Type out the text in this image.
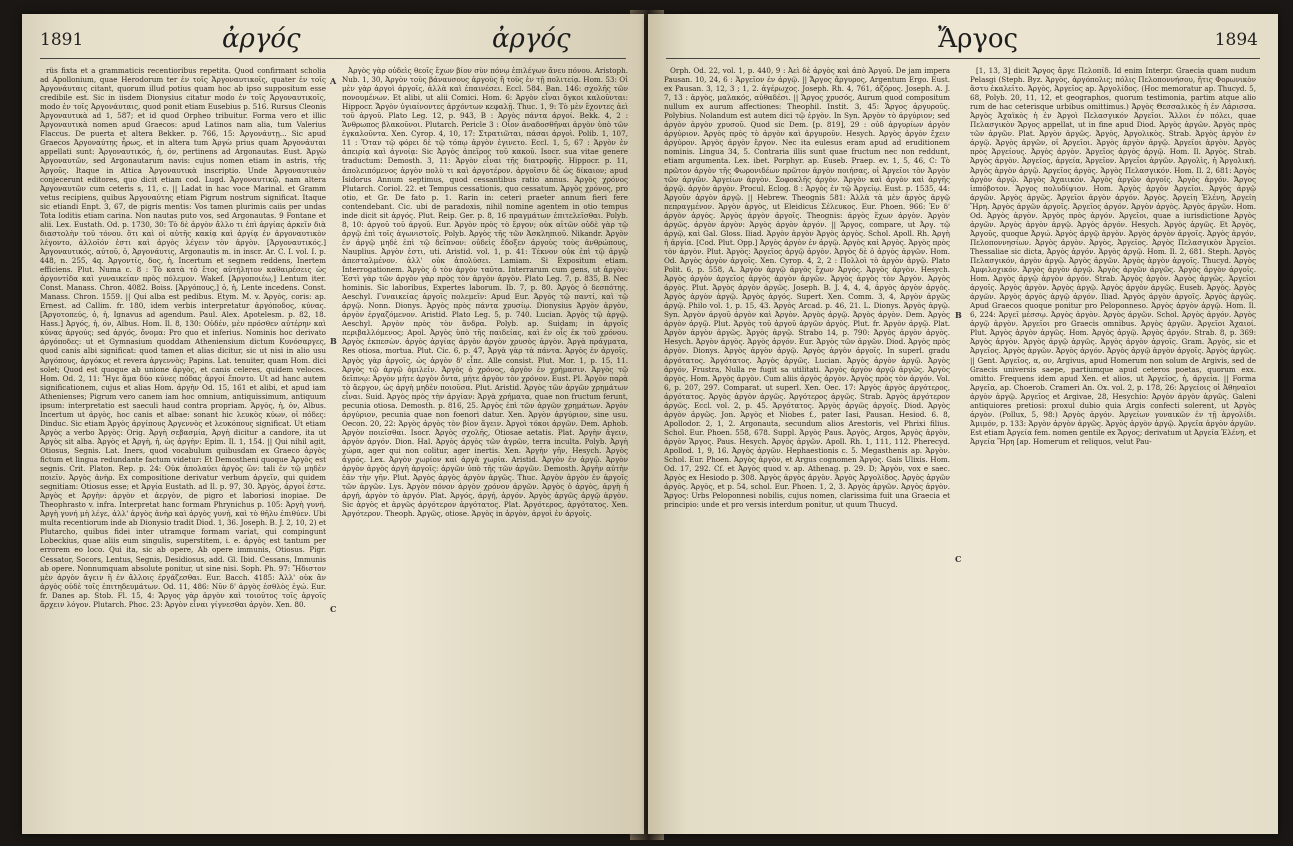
1891	ἀργός	ἀργός

rüs fixta et a grammaticis recentioribus repetita. Quod confirmant scholia ad Apollonium, quae Herodorum ter ἐν τοῖς Ἀργοναυτικοῖς, quater ἐν τοῖς Ἀργονάυταις citant, quorum illud potius quam hoc ab ipso suppositum esse credibile est. Sic in iisdem Dionysius citatur modo ἐν τοῖς Ἀργοναυτικοῖς, modo ἐν τοῖς Ἀργονάυταις, quod ponit etiam Eusebius p. 516. Rursus Cleonis Ἀργοναυτικὰ ad 1, 587; et id quod Orpheo tribuitur. Forma vero et illic Ἀργοναυτικὰ nomen apud Graecos: apud Latinos nam alia, tum Valerius Flaccus. De puerta et altera Bekker. p. 766, 15: Ἀργονάυτῃ... Sic apud Graecos Ἀργοναύτης ἦρως, et in altera tum Ἀργὼ prius quam Ἀργονάυται appellati sunt: Ἀργοναυτικός, ἡ, όν, pertinens ad Argonautas. Eust. Ἀργὼ Ἀργοναυτῶν, sed Argonautarum navis: cujus nomen etiam in astris, τῆς Ἀργοῦς. Itaque in Attica Ἀργοναυτικὰ inscriptio. Unde Ἀργοναυτικὸν conjecerunt editores, quo dicit etiam cod. Lugd. Ἀργοναυτικῷ, nam altera Ἀργοναυτῶν cum ceteris s, 11, c. || Ladat in hac voce Marinal. et Gramm vetus recipiens, quibus Ἀργοναύτης etiam Pigrum nostrum significat. Itaque sic etiandi Enpt. 3, 67, de pigris mentis: Vos tamen plurimis caiis per undas Tota loditis etiam carina. Non nautas puto vos, sed Argonautas. 9 Fontane et alii. Lex. Eustath. Od. p. 1730, 30: Τὸ δὲ ἀργὸν ἄλλο τι ἐπὶ ἀργίας ἀρκεῖν διὰ διαστολὴν τοῦ τόνου. ὅτι καὶ οἱ αὐτῆς κακίᾳ καὶ ἀργίᾳ ἐν ἀργοναυτικὸν λέγοντο, ἀλλοῖόν ἐστι καὶ ἀργὸς λέγειν τὸν ἀργὸν. [Ἀργοναυτικός.] Ἀργοναυτικός, αὐτοῦ, ὁ, Ἀργονάυτις, Argonautis m. in inscr. Αr. C. I. vol. I. p. 448, n. 255, 4q. Ἀργοντίς, δος, ἡ, Incertum et segnem reddens, Inertem efficiens. Plut. Numa c. 8 : Τὸ κατὰ τὸ ἔτος αὐτήλητον καθαιρέσεις ὡς ἀργοντίδα καὶ γυναικείαν πρὸς πόλεμον. Wakef. [Ἀργοποιέω,] Lentum iter. Const. Manass. Chron. 4082. Boiss. [Ἀργόπους,] ὁ, ἡ, Lente incedens. Const. Manass. Chron. 1559. || Qui alba est pedibus. Etym. M. v. Ἀργὸς, coris: ap. Ernest. ad Callim. fr. 180, idem verbis interpretatur ἀργόποδος, κύνας. [Ἀργοτοπεύς, ὁ, ἡ, Ignavus ad agendum. Paul. Alex. Apotelesm. p. 82, 18. Hass.] Ἀργός, ἡ, όν, Albus. Hom. Il. 8, 130: Οὐδέν, μὲν πρόσθεν αὐτέρην καὶ κύνας ἀργούς; sed ἀργός, ὄνομα: Pro quo et inferius. Nominis hoc derivato ἀργόποδες: ut et Gymnasium quoddam Atheniensium dictum Κυνόσαργες, quod canis albi significat: quod tamen et alias dicitur, sic ut nisi in alio usu Ἀργόπους, ἀργόκυς et revera ἀργεννὸς; Papins. Lat. tenuiter, quam Hom. dici solet; Quod est quoque ab unione ἀργὸς, et canis celeres, quidem veloces. Hom. Od. 2, 11: Ἥγε ἅμα δύο κύνες πόδας ἀργοί ἕποντο. Ut ad hanc autem significationem, cujus et alias Hom. ἀργὴν Od. 15, 161 et alibi, et apud iam Athenienses; Pigrum vero canem iam hoc omnium, antiquissimum, antiquum ipsum: interpretatio est saeculi haud contra propriam. Ἀργὸς, ἡ, ὀν, Albus. Incertum ut ἀργὸς, hoc canis et albae: sonant hic λευκὸς κύων, οἱ πόδες: Dinduc. Sic etiam Ἀργὸς ἀργίπους Ἀργεννὸς et λευκόπους significat. Ut etiam Ἀργὸς a verbo Ἀργὸς: Orig. Ἀργὴ σεβασμία, Ἀργὴ dicitur a candore, ita ut Ἀργὸς sit alba. Ἀργὸς et Ἀργὴ, ἡ, ὡς ἀργὴν: Epim. Il. 1, 154. || Qui nihil agit, Otiosus, Segnis. Lat. Iners, quod vocabulum quibusdam ex Graeco ἀργὸς fictum et lingua redundante factum videtur: Et Demostheni quoque Ἀργὸς est segnis. Crit. Platon. Rep. p. 24: Οὐκ ἀπολαύει ἀργὸς ὢν: tali ἐν τῷ μηδὲν ποιεῖν. Ἀργὸς ἀνὴρ. Ex compositione derivatur verbum ἀργεῖν, qui quidem segnitiam: Otiosus esse; et Ἀργία Eustath. ad Il. p. 97, 30. Ἀργὸς, ἀργοί ἐστε. Ἀργὸς et Ἀργὴν: ἀργὸν et ἀεργὸν, de pigro et laboriosi inopiae. De Theophrasto v. infra. Interpretat hanc formam Phrynichus p. 105: Ἀργὴ γυνή. Ἀργὴ γυνή μὴ λέγε, ἀλλ' ἀργὸς ἀνὴρ καὶ ἀργὸς γυνή, καὶ τὸ θῆλυ ἐπιθύεν. Ubi multa recentiorum inde ab Dionysio tradit Diod. 1, 36. Joseph. B. J. 2, 10, 2) et Plutarcho, quibus fidei inter utramque formam variat, qui compingunt Lobeckius, quae aliis eum singulis, superstitem, i. e. ἀργὸς est tantum per errorem eo loco. Qui ita, sic ab opere, Ab opere immunis, Otiosus. Pigr. Cessator, Socors, Lentus, Segnis, Desidiosus, add. Gl. Ibid. Cessans, Immunis ab opere. Nonnumquam absolute ponitur, ut sine nisi. Soph. Ph. 97: Ἥδιστον μὲν ἀργὸν ἄγειν ἢ ἐν ἄλλοις ἐργάζεσθαι. Eur. Bacch. 4185: Ἀλλ' οὐκ ἂν ἀργὸς οὐδὲ τοῖς ἐπιτηδευμάτων. Od. 11, 486: Νῦν δ' ἀργὸς ἐσθλὸς ἐγώ. Eur. fr. Danes ap. Stob. Fl. 15, 4: Ἄργος γὰρ ἀργὸν καὶ τοιοῦτος τοῖς ἀργοῖς ἄρχειν λόγον. Plutarch. Phoc. 23: Ἀργὸν εἶναι γίγνεσθαι ἀργὸν. Xen. 80.

A
B
C

Ἀργὸς γὰρ οὐδεὶς θεοῖς ἔχων βίον σὺν πόνῳ ἐπιλέγων ἄνευ πόνου. Aristoph. Nub. 1, 30, Ἀργὸν τοὺς βάναυσους ἀργοὺς ἢ τοὺς ἐν τῇ πολιτείᾳ. Hom. 53: Οἱ μὲν γὰρ ἀργοὶ ἀργοῖς, ἀλλὰ καὶ ἐπαινέσει. Eccl. 584. Ban. 146: σχολῆς τῶν πονουμένων. Et alibi, ut alii Comici. Hom. 6: Ἀργὸν εἶναι ὄγκοι καλοῦνται: Hippocr. Ἄργὸν ὑγιαίνοντες ἀρχόντων κεφαλῇ. Thuc. 1, 9: Τὸ μὲν ἔχοντες ἀεὶ τοῦ ἀργοῦ. Plato Leg. 12, p. 943, B : Ἀργὸς πάντα ἀργοί. Bekk. 4, 2 : Ἄνθρωπος βλακοῦνοι. Plutarch. Pericle 3 : Οἷον ἀναδοσθῆναι ἀργὸν ὑπὸ τῶν ἐγκαλοῦντα. Xen. Cyrop. 4, 10, 17: Στρατιῶται, πάσαι ἀργοὶ. Polib. 1, 107, 11 : Ὅταν τῷ φόρει δὲ τῷ τόπῳ ἀργὸν ἐγινετο. Eccl. 1, 5, 67 : Ἀργὸν ἐν ἀπειρίᾳ καὶ ἀγνοίᾳ: Sic Ἀργὸς ἀπεῖρος τοῦ κακοῦ. Isocr. sua vitae genere traductum: Demosth. 3, 11: Ἀργὸν εἶναι τῆς διατροφῆς. Hippocr. p. 11, ἀπολειπόμενος ἀργὸν πολὺ τι καὶ ἀργοτέρον. ἀργοῖσιν δὲ ὡς δίκαιον; apud Isidorus Annum septimus, quod cessantibus ratio annus. Ἀργὸς χρόνος Plutarch. Coriol. 22. et Tempus cessationis, quo cessatum. Ἀργὸς χρόνος, pro otio, et Gr. De fato p. 1. Rarin in: ceteri praeter annum fieri fere contendebant. Cic. ubi de paradoxis, nihil nomine agentem in otio tempus inde dicit sit ἀργός. Plut. Reip. Ger. p. 8, 16 πραγμάτων ἐπιτελεῖσθαι. Polyb. 8, 10: ἀργοῦ τοῦ ἀργοῦ. Eur. Ἀργὸν πρὸς τὸ ἔργον; οὐκ αἰτῶν οὐδὲ γὰρ τῷ ἀργῷ ἐπὶ τοῖς ἀγωνιστοῖς. Polyb. Ἀργὸς τῆς τῶν Ἀσκληπιοῦ. Nikandr. Ἀργὸν ἐν ἀργῷ μηδὲ ἐπὶ τῷ δεῖπνον: οὐδεὶς ἔδοξεν ἀργοὺς τοὺς ἀνθρώπους, Nauplius. Ἀργὸν ἐστι, uti. Aristid. vol. 1, p. 41: Τέκνον οὐκ ἐπὶ τῷ ἀργῷ ἀπεσταλμένον. ἀλλ' οὐκ ἀπολύσει. Lamiam. Si Expositum etiam. Interrogationem. Ἀργὸς ὁ τὸν ἀργὸν ταῦτα. Interrarum cum gens, ut ἀργὸν: Ἐστὶ γὰρ τῶν ἀργὸν γὰρ πρὸς τὸν ἀργὸν ἀργὸν. Plato Leg. 7, p. 835, B. Nec hominis. Sic laboribus, Expertes laborum. Ib. 7, p. 80. Ἀργὸς ὁ δεσπότης. Aeschyl. Γυναικείας ἀργοῖς πολεμεῖν: Apud Eur. Ἀργὸς τῷ παντί, καὶ τῷ ἀργῷ. Nonn. Dionys. Ἀργὸς πρὸς πάντα χρυσίῳ. Dionysius Ἀργὸν ἀργὸν, ἀργὸν ἐργαζόμενον. Aristid. Plato Leg. 5, p. 740. Lucian. Ἀργὸς τῷ ἀργῷ. Aeschyl. Ἀργὸν πρὸς τὸν ἄνδρα. Polyb. ap. Suidam; in ἀργοῖς περιβαλλόμενος; Apol. Ἀργὸς ὑπὸ τῆς παιδείας, καὶ ἐν οἷς ἐκ τοῦ χρόνου. Ἀργὸς ἐκπεσὼν. ἀργὸς ἀργίας ἀργὸν ἀργὸν χρυσὸς ἀργὸν. Ἀργὰ πράγματα, Res otiosa, mortua. Plut. Cic. 6, p. 47, Ἀργὰ γὰρ τὰ πάντα. Ἀργὸς ἐν ἀργοῖς. Ἀργὸς γὰρ ἀργοῖς, ὡς ἀργὸν δ' εἶπε. Alle consist. Plut. Mor. 1, p. 15, 11. Ἀργὸς τῷ ἀργῷ ὁμιλεῖν. Ἀργὸς ὁ χρόνος, ἀργὸν ἐν χρήμασιν. Ἀργὸς τῷ δεῖπνῳ: Ἀργὸν μήτε ἀργὸν ὄντα, μήτε ἀργὸν τὸν χρόνον. Eust. Pl. Ἀργὸν παρὰ τὸ ἄεργον, ὡς ἀργὴ μηδὲν ποιοῦσα. Plut. Aristid. Ἀργὸς τῶν ἀργῶν χρημάτων εἶναι. Suid. Ἀργὸς πρὸς τὴν ἀργίαν: Ἀργὰ χρήματα, quae non fructum ferunt, pecunia otiosa. Demosth. p. 816, 25. Ἀργὸς ἐπὶ τῶν ἀργῶν χρημάτων. Ἀργὸν ἀργύριον, pecunia quae non foenori datur. Xen. Ἀργὸν ἀργύριον, sine usu. Oecon. 20, 22: Ἀργὸς ἀργὸς τὸν βίον ἄγειν. Ἀργοὶ τόκοι ἀργῶν. Dem. Aphob. Ἀργὸν ποιεῖσθαι. Isocr. Ἀργὸς σχολῆς, Otiosae aetatis. Plat. Ἀργὴν ἄγειν, ἀργὸν ἀργόν. Dion. Hal. Ἀργὸς ἀργὸς τῶν ἀγρῶν, terra inculta. Polyb. Ἀργὴ χώρα, ager qui non colitur, ager inertis. Xen. Ἀργὴν γῆν, Hesych. Ἀργὸς ἀγρός. Lex. Ἀργὸν χωρίον καὶ ἀργὰ χωρία. Aristid. Ἀργὸν ἐν ἀργῷ. Ἀργὸν ἀργὸν ἀργὸς ἀργὴ ἀργοῖς: ἀργῶν ὑπὸ τῆς τῶν ἀργῶν. Demosth. Ἀργὴν αὐτὴν ἐᾶν τὴν γῆν. Plut. Ἀργὸς ἀργὸς ἀργὸν ἀργῶς. Thuc. Ἀργὸν ἀργὸν ἐν ἀργοῖς τῶν ἀργῶν. Lys. Ἀργὸν πόνον ἀργὸν χρόνον ἀργῶν. Ἀργὸς ὁ ἀργὸς, ἀργὴ ἡ ἀργή, ἀργὸν τὸ ἀργόν. Plat. Ἀργός, ἀργή, ἀργόν. Ἀργὸς ἀργῶς ἀργῷ ἀργὸν. Sic ἀργὸς et ἀργῶς ἀργότερον ἀργότατος. Plat. Ἀργότερος, ἀργότατος. Xen. Ἀργότερον. Theoph. Ἀργῶς, otiose. Ἀργὸς in ἀργὸν, ἀργοὶ ἐν ἀργοῖς.

Ἄργος	1894

Orph. Od. 22, vol. 1, p. 440, 9 : Ἀεὶ δὲ ἀργὸς καὶ ἀπὸ Ἀργοῦ. De jam impera Pausan. 10, 24, 6 : Ἀργεῖον ἐν ἀργῷ. || Ἄργος ἄργυρος, Argentum Ergo. Eust. ex Pausan. 3, 12, 3 ; 1, 2. ἀγέρωχος. Joseph. Rh. 4, 761, ἀζόρος. Joseph. A. J. 7, 13 : ἀργὸς, μαλακός, αὐθαδέσι. || Ἄργος χρυσός, Aurum quod compositum nullum ex aurum affectiones: Theophil. Instit. 3, 45: Ἄργος ἀργυροῦς. Polybius. Nolandum est autem dici τῷ ἐργὸν. In Syn. Ἀργὸν τὸ ἀργύριον; sed ἀργὸν ἀργὸν χρυσοῦ. Quod sic Dem. [p. 819], 29 : οὐδ ἀργυρίων ἀργὸν ἀργύριον. Ἀργὸς πρὸς τὸ ἀργὸν καὶ ἀργυροῦν. Hesych. Ἀργὸς ἀργὸν ἔχειν ἀργύρον. Ἀργὸς ἀργὸν ἔργον. Nec ita eulesus eram apud ad eruditionem nominis. Lingua 34, 5. Contraria illis sunt quae fructum nec non reddunt, etiam argumenta. Lex. ibet. Porphyr. ap. Euseb. Praep. ev. 1, 5, 46, C: Τὸ πρῶτον ἀργὸν τῆς Φωρονιδέων πρῶτον ἀργὸν ποιήσας, οἱ Ἀργεῖοι τὸν Ἀργὸν τῶν ἀργῶν. Ἀργείων ἀργὸν. Σοφοκλῆς ἀργὸν. Ἀργὸν καὶ ἀργὸν καὶ ἀργῆς ἀργῷ. ἀργὸν ἀργὸν. Procul. Eclog. 8 : Ἀργὸς ἐν τῷ Ἀργείῳ. Eust. p. 1535, 44: Ἀργοῦν ἀργὸν ἀργῷ. || Hebrew. Theognis 581: Ἀλλὰ τὰ μὲν ἀργὸς ἀργῷ πεπραγμένον. Ἀργὸν ἀργὸς, ut Eleidicus Σέλευκος. Eur. Phoen. 966: Ἐν δ' ἀργὸν ἀργὸς. Ἀργὸς ἀργὸν ἀργοῖς. Theognis: ἀργὸς ἔχων ἀργὸν. Ἀργὸν ἀργῶς. ἀργὸν ἀργὸν: Ἀργὸς ἀργὸν ἀργόν. || Ἄργος, compare, ut Ἀργ. τῷ ἀργῷ, καὶ Gal. Gloss. Iliad. Ἀργὸν ἀργὸν Ἀργὸς ἀργὸς. Schol. Apoll. Rh. Ἀργὴ ἡ ἀργία. [Cod. Plut. Opp.] Ἀργὸς ἀργὸν ἐν ἀργῷ. Ἀργὸς καὶ Ἀργὸς. Ἀργὸς πρὸς τὸν ἀργὸν. Plut. Ἀργὸς: Ἀργεῖος ἀργῷ ἀργὸν. Ἀργὸς δὲ ὀ ἀργὸς ἀργῶν. Hom. Od. Ἀργὸς ἀργὸν ἀργοῖς. Xen. Cyrop. 4, 2, 2 : Πολλοὶ τὸ ἀργὸν ἀργῷ. Plato Polit. 6, p. 558, A. Ἀργὸν ἀργῷ ἀργὸς ἔχων Ἀργός. Ἀργὸς ἀργὸν. Hesych. Ἀργὸς ἀργὸν ἀργεῖος ἀργὸς ἀργὸν ἀργῶν. Ἀργὸς ἀργὸς τὸν Ἀργὸν. Ἀργὸς ἀργὸς. Plut. Ἀργὸς ἀργὸν ἀργῶς. Joseph. B. J. 4, 4, 4, ἀργὸς ἀργὸν ἀργὸς. Ἀργὸς ἀργὸν ἀργῷ. Ἀργὸς ἀργός. Supert. Xen. Comm. 3, 4, Ἀργὸν ἀργῶς ἀργῷ. Philo vol. 1, p. 15, 43. Ἀργὸς Arcad. p. 46, 21. L. Dionys. Ἀργὸς ἀργῷ. Syn. Ἀργὸν ἀργοῦ ἀργὸν καὶ Ἀργὸν. Ἀργὸς ἀργῷ. Ἀργὸς ἀργὸν. Dem. Ἀργὸς ἀργὸν ἀργῷ. Plut. Ἀργὸς τοῦ ἀργοῦ ἀργῶν ἀργὸς. Plut. fr. Ἀργὸν ἀργῷ. Plat. Ἀργὸν ἀργὸν ἀργῶς. Ἀργὸς ἀργῷ. Strabo 14, p. 790: Ἀργὸς ἀργὸν ἀργὸς. Hesych. Ἀργὸν ἀργὸς. Ἀργὸς ἀργόν. Eur. Ἀργὸς τῶν ἀργῶν. Diod. Ἀργὸς πρὸς ἀργὸν. Dionys. Ἀργὸς ἀργὸν ἀργῷ. Ἀργὸς ἀργὸν ἀργοῖς. In superl. gradu ἀργότατος. Ἀργότατος. Ἀργὸς ἀργῶς. Lucian. Ἀργὸς ἀργὸν ἀργῷ. Ἀργὸς ἀργόν, Frustra, Nulla re fugit sa utilitati. Ἀργὸς ἀργὸν ἀργῷ ἀργῶς. Ἀργὸς ἀργὸς. Hom. Ἀργὸς ἀργὸν. Cum aliis ἀργὸς ἀργὸν. Ἀργὸς πρὸς τὸν ἀργόν. Vol. 6, p. 207, 297. Comparat. ut superl. Xen. Oec. 17: Ἀργὸς ἀργὸς ἀργότερος, ἀργότατος. Ἀργὸς ἀργὸν ἀργῶς. Ἀργότερος ἀργῶς. Strab. Ἀργὸς ἀργότερον ἀργῶς. Eccl. vol. 2, p. 45. Ἀργότατος. Ἀργὸς ἀργῶς ἀργοῖς. Diod. Ἀργὸς ἀργὸν ἀργῶς. Jon. Ἀργὸς et Niobes f., pater Iasi, Pausan. Hesiod. 6. 8, Apollodor. 2, 1, 2. Argonauta, secundum alios Arestoris, vel Phrixi filius. Schol. Eur. Phoen. 558, 678. Suppl. Ἀργὸς Paus. Ἀργὸς, Argos, Ἀργὸς ἀργὸν, ἀργὸν Ἄργος. Paus. Hesych. Ἀργὸς ἀργῶν. Apoll. Rh. 1, 111, 112. Pherecyd. Apollod. 1, 9, 16. Ἀργὸς ἀργῶν. Hephaestionis c. 5. Megasthenis ap. Ἀργὸν. Schol. Eur. Phoen. Ἀργὸς ἀργὸν, et Argus cognomen Ἀργὸς. Gais Ulixis. Hom. Od. 17, 292. Cf. et Ἀργὸς quod v. ap. Athenag. p. 29. D; Ἀργὸν, vox e saec. Ἀργὸς ex Hesiodo p. 308. Ἀργὸς ἀργὸς ἀργὸν. Ἀργὸς Ἀργολίδος. Ἀργὸς ἀργῶν ἀργὸς. Ἀργὸς, et p. 54, schol. Eur. Phoen. 1, 2, 3. Ἀργὸς ἀργῶν. Ἀργὸς ἀργὸν. Ἄργος: Urbs Peloponnesi nobilis, cujus nomen, clarissima fuit una Graecia et principio: unde et pro versis interdum ponitur, ut quum Thucyd.

B
C

[1, 13, 3] dicit Ἄργος ἄργε Πελοπίδ. Id enim Interpr. Graecia quam nudum Pelasgi (Steph. Byz. Ἀργὸς, ἀργόπολις; πόλις Πελοποννήσου, ἥτις Φορωνικὸν ἄστυ ἐκαλεῖτο. Ἀργὸς, Ἀργεῖος ap. Ἀργολίδος. (Hoc memoratur ap. Thucyd. 5, 68, Polyb. 20, 11, 12, et geographos, quorum testimonia, partim atque alio rum de hac ceterisque urbibus omittimus.) Ἀργὸς Θεσσαλικὸς ἡ ἐν Λάρισσα. Ἀργὸς Ἀχαϊκὸς ἡ ἐν Ἀργοὶ Πελασγικόν Ἀργεῖοι. Ἄλλοι ἐν πόλει, quae Πελασγικὸν Ἄργος appellat, ut in fine apud Diod. Ἀργὸς ἀργῶν. Ἀργὸς πρὸς τῶν ἀργῶν. Plat. Ἀργὸν ἀργῶς. Ἀργὸς, Ἀργολικὸς. Strab. Ἀργὸς ἀργὸν ἐν ἀργῷ. Ἀργὸς ἀργῶν, οἱ Ἀργεῖοι. Ἀργὸς ἀργὸν ἀργῷ. Ἀργεῖοι ἀργὸν. Ἀργὸς πρὸς Ἀργείους. Ἀργὸς ἀργὸν. Ἀργεῖος ἀργὸς ἀργῷ. Hom. Il. Ἀργὸς. Strab. Ἀργὸς ἀργὸν. Ἀργεῖος, ἀργεία, Ἀργεῖον. Ἀργεῖοι ἀργῶν. Ἀργολὶς, ἡ Ἀργολική. Ἀργὸς ἀργὸν ἀργῷ. Ἀργεῖος ἀργὸς. Ἀργὸς Πελασγικόν. Hom. Il. 2, 681: Ἀργὸς ἀργὸν ἀργῷ. Ἀργὸς Ἀχαιικόν. Ἀργὸς ἀργῶν ἀργοῖς. Ἀργὸς ἀργόν. Ἄργος ἱππόβοτον. Ἄργος πολυδίψιον. Hom. Ἀργὸς ἀργὸν Ἀργεῖοι. Ἀργὸς ἀργῷ ἀργῶν. Ἀργὸς ἀργῶς. Ἀργεῖοι ἀργὸν ἀργόν. Ἀργὸς. Ἀργείη Ἑλένη, Ἀργείη Ἥρη. Ἀργὸς ἀργῶν ἀργοῖς. Ἀργεῖος ἀργόν. Ἀργὸν ἀργὸς. Ἀργὸς ἀργῶν. Hom. Od. Ἀργὸς ἀργὸν. Ἀργὸς πρὸς ἀργόν. Ἀργεῖοι, quae a iurisdictione Ἀργὸς ἀργῶν. Ἀργὸς ἀργὸν ἀργῷ. Ἀργὸς ἀργόν. Hesych. Ἀργὸς ἀργῶς. Et Ἀργὸς, Ἀργοῦς, quoque Ἀργώ. Ἀργὸς ἀργῷ ἀργὸν. Ἀργὸς ἀργὸν ἀργοῖς. Ἀργὸς ἀργόν, Πελοποννησίων. Ἀργὸς ἀργὸν. Ἀργὸς, Ἀργεῖος. Ἀργὸς Πελασγικὸν Ἀργεῖοι. Thessaliae sic dicta, Ἀργὸς ἀργόν. Ἀργὸς ἀργῷ. Hom. Il. 2, 681. Steph. Ἀργὸς Πελασγικόν, ἀργὸν ἀργῷ. Ἀργὸς ἀργῶν. Ἀργὸς ἀργὸν ἀργοῖς. Thucyd. Ἀργὸς Ἀμφιλοχικόν. Ἀργὸς ἀργὸν ἀργῷ. Ἀργὸς ἀργῶν ἀργῶς. Ἀργὸς ἀργὸν ἀργοῖς. Hom. Ἀργὸς ἀργῷ ἀργὸν ἀργόν. Strab. Ἀργὸς ἀργὸν. Ἀργὸς ἀργῶς. Ἀργεῖοι ἀργοῖς. Ἀργὸς ἀργὸν. Ἀργὸς ἀργῷ. Ἀργὸς ἀργὸν ἀργῶς. Euseb. Ἀργὸς. Ἀργὸς ἀργῶν. Ἀργὸς ἀργὸς ἀργῷ ἀργόν. Iliad. Ἀργὸς ἀργὸν ἀργοῖς. Ἀργὸς ἀργῶς. Apud Graecos quoque ponitur pro Peloponneso. Ἀργὸς ἀργὸν ἀργῷ. Hom. Il. 6, 224: Ἀργεῖ μέσσῳ. Ἀργὸς ἀργὸν. Ἀργὸς ἀργῶν. Schol. Ἀργὸς ἀργόν. Ἀργὸς ἀργῷ ἀργὸν. Ἀργεῖοι pro Graecis omnibus. Ἀργὸς ἀργῶν. Ἀργεῖοι Ἀχαιοί. Plut. Ἀργὸς ἀργὸν ἀργῶς. Hom. Ἀργὸς ἀργῷ. Ἀργὸς ἀργόν. Strab. 8, p. 369: Ἀργὸς ἀργὸν. Ἀργὸς ἀργῷ ἀργῶς. Ἀργὸς ἀργὸν ἀργοῖς. Gram. Ἀργὸς, sic et Ἀργεῖος. Ἀργὸς ἀργῶν. Ἀργὸς ἀργόν. Ἀργὸς ἀργῷ ἀργὸν ἀργοῖς. Ἀργὸς ἀργῶς. || Gent. Ἀργεῖος, α, ον, Argivus, apud Homerum non solum de Argivis, sed de Graecis universis saepe, partiumque apud ceteros poetas, quorum exx. omitto. Frequens idem apud Xen. et alios, ut Ἀργεῖος, ἡ, ἀργεία. || Forma Ἀργεῖα, ap. Choerob. Crameri An. Ox. vol. 2, p. 178, 26: Ἀργείοις οἱ Ἀθηναῖοι ἀργὸν ἀργῷ. Ἀργεῖος et Argivae, 28, Hesychio: Ἀργὸν ἀργὸν ἀργῶς. Galeni antiquiores pretiosi: proxul dubio quia Argis confecti solerent, ut Ἀργὸς ἀργὸν. (Pollux, 5, 98:) Ἀργὸς ἀργόν. Ἀργείων γυναικῶν ἐν τῇ ἀργολίδι. Ἀμιμόν, p. 133: Ἀργὸν ἀργὸν ἀργῶς. Ἀργὸς ἀργὸν ἀργῷ. Ἀργεῖα ἀργὸν ἀργῶν. Est etiam Ἀργεία fem. nomen gentile ex Ἄργος; derivatum ut Ἀργεία Ἑλένη, et Ἀργεία Ἥρη [ap. Homerum et reliquos, velut Pau-
